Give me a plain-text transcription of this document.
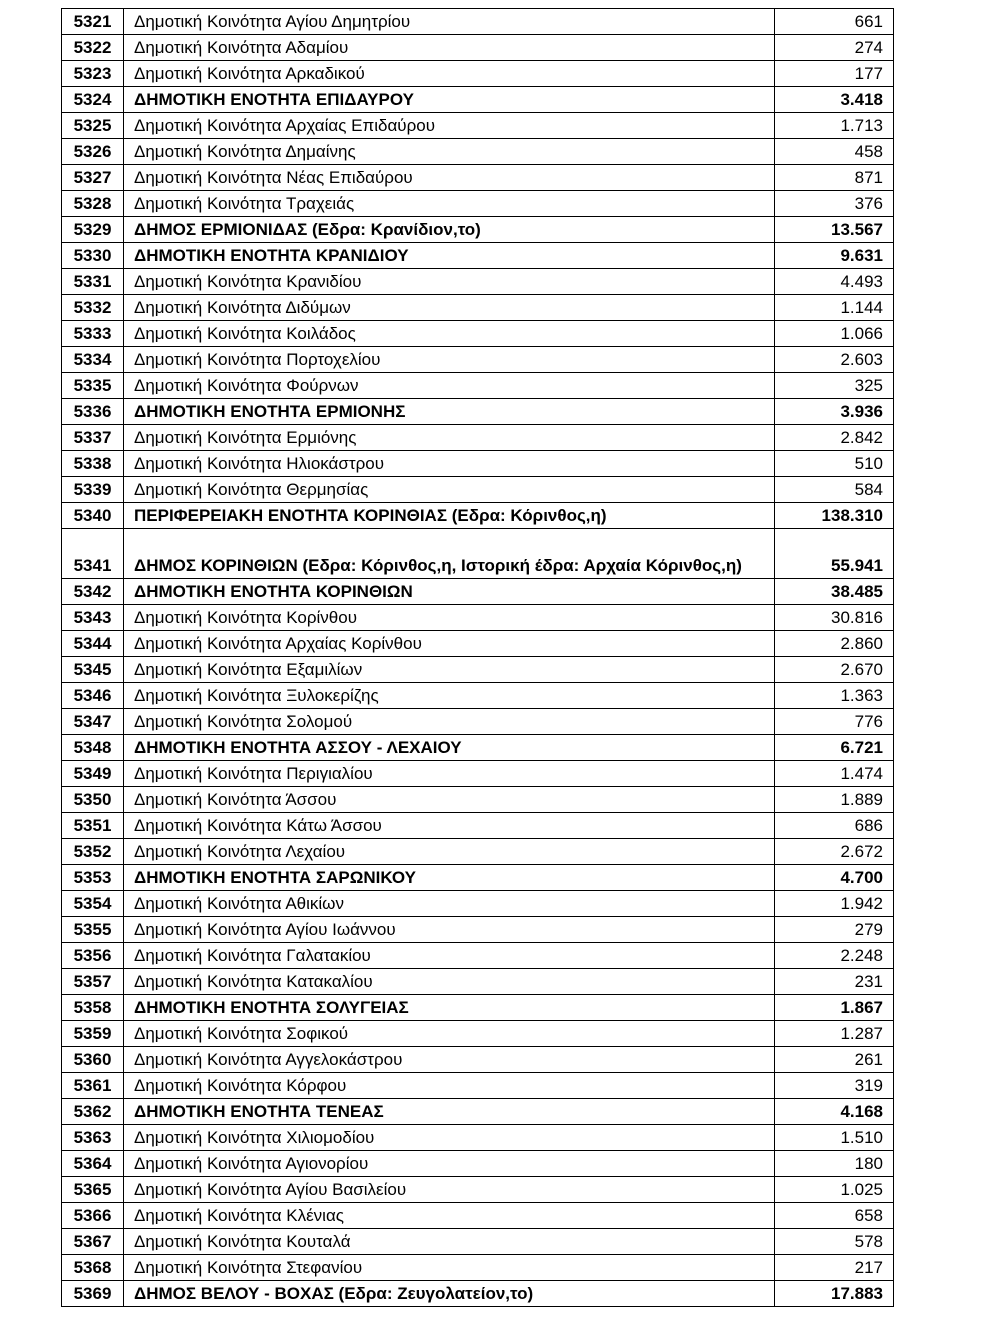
5321	Δημοτική Κοινότητα Αγίου Δημητρίου	661
5322	Δημοτική Κοινότητα Αδαμίου	274
5323	Δημοτική Κοινότητα Αρκαδικού	177
5324	ΔΗΜΟΤΙΚΗ ΕΝΟΤΗΤΑ ΕΠΙΔΑΥΡΟΥ	3.418
5325	Δημοτική Κοινότητα Αρχαίας Επιδαύρου	1.713
5326	Δημοτική Κοινότητα Δημαίνης	458
5327	Δημοτική Κοινότητα Νέας Επιδαύρου	871
5328	Δημοτική Κοινότητα Τραχειάς	376
5329	ΔΗΜΟΣ ΕΡΜΙΟΝΙΔΑΣ (Εδρα: Κρανίδιον,το)	13.567
5330	ΔΗΜΟΤΙΚΗ ΕΝΟΤΗΤΑ ΚΡΑΝΙΔΙΟΥ	9.631
5331	Δημοτική Κοινότητα Κρανιδίου	4.493
5332	Δημοτική Κοινότητα Διδύμων	1.144
5333	Δημοτική Κοινότητα Κοιλάδος	1.066
5334	Δημοτική Κοινότητα Πορτοχελίου	2.603
5335	Δημοτική Κοινότητα Φούρνων	325
5336	ΔΗΜΟΤΙΚΗ ΕΝΟΤΗΤΑ ΕΡΜΙΟΝΗΣ	3.936
5337	Δημοτική Κοινότητα Ερμιόνης	2.842
5338	Δημοτική Κοινότητα Ηλιοκάστρου	510
5339	Δημοτική Κοινότητα Θερμησίας	584
5340	ΠΕΡΙΦΕΡΕΙΑΚΗ ΕΝΟΤΗΤΑ ΚΟΡΙΝΘΙΑΣ (Εδρα: Κόρινθος,η)	138.310
5341	ΔΗΜΟΣ ΚΟΡΙΝΘΙΩΝ (Εδρα: Κόρινθος,η, Ιστορική έδρα: Αρχαία Κόρινθος,η)	55.941
5342	ΔΗΜΟΤΙΚΗ ΕΝΟΤΗΤΑ ΚΟΡΙΝΘΙΩΝ	38.485
5343	Δημοτική Κοινότητα Κορίνθου	30.816
5344	Δημοτική Κοινότητα Αρχαίας Κορίνθου	2.860
5345	Δημοτική Κοινότητα Εξαμιλίων	2.670
5346	Δημοτική Κοινότητα Ξυλοκερίζης	1.363
5347	Δημοτική Κοινότητα Σολομού	776
5348	ΔΗΜΟΤΙΚΗ ΕΝΟΤΗΤΑ ΑΣΣΟΥ - ΛΕΧΑΙΟΥ	6.721
5349	Δημοτική Κοινότητα Περιγιαλίου	1.474
5350	Δημοτική Κοινότητα Άσσου	1.889
5351	Δημοτική Κοινότητα Κάτω Άσσου	686
5352	Δημοτική Κοινότητα Λεχαίου	2.672
5353	ΔΗΜΟΤΙΚΗ ΕΝΟΤΗΤΑ ΣΑΡΩΝΙΚΟΥ	4.700
5354	Δημοτική Κοινότητα Αθικίων	1.942
5355	Δημοτική Κοινότητα Αγίου Ιωάννου	279
5356	Δημοτική Κοινότητα Γαλατακίου	2.248
5357	Δημοτική Κοινότητα Κατακαλίου	231
5358	ΔΗΜΟΤΙΚΗ ΕΝΟΤΗΤΑ ΣΟΛΥΓΕΙΑΣ	1.867
5359	Δημοτική Κοινότητα Σοφικού	1.287
5360	Δημοτική Κοινότητα Αγγελοκάστρου	261
5361	Δημοτική Κοινότητα Κόρφου	319
5362	ΔΗΜΟΤΙΚΗ ΕΝΟΤΗΤΑ ΤΕΝΕΑΣ	4.168
5363	Δημοτική Κοινότητα Χιλιομοδίου	1.510
5364	Δημοτική Κοινότητα Αγιονορίου	180
5365	Δημοτική Κοινότητα Αγίου Βασιλείου	1.025
5366	Δημοτική Κοινότητα Κλένιας	658
5367	Δημοτική Κοινότητα Κουταλά	578
5368	Δημοτική Κοινότητα Στεφανίου	217
5369	ΔΗΜΟΣ ΒΕΛΟΥ - ΒΟΧΑΣ (Εδρα: Ζευγολατείον,το)	17.883
